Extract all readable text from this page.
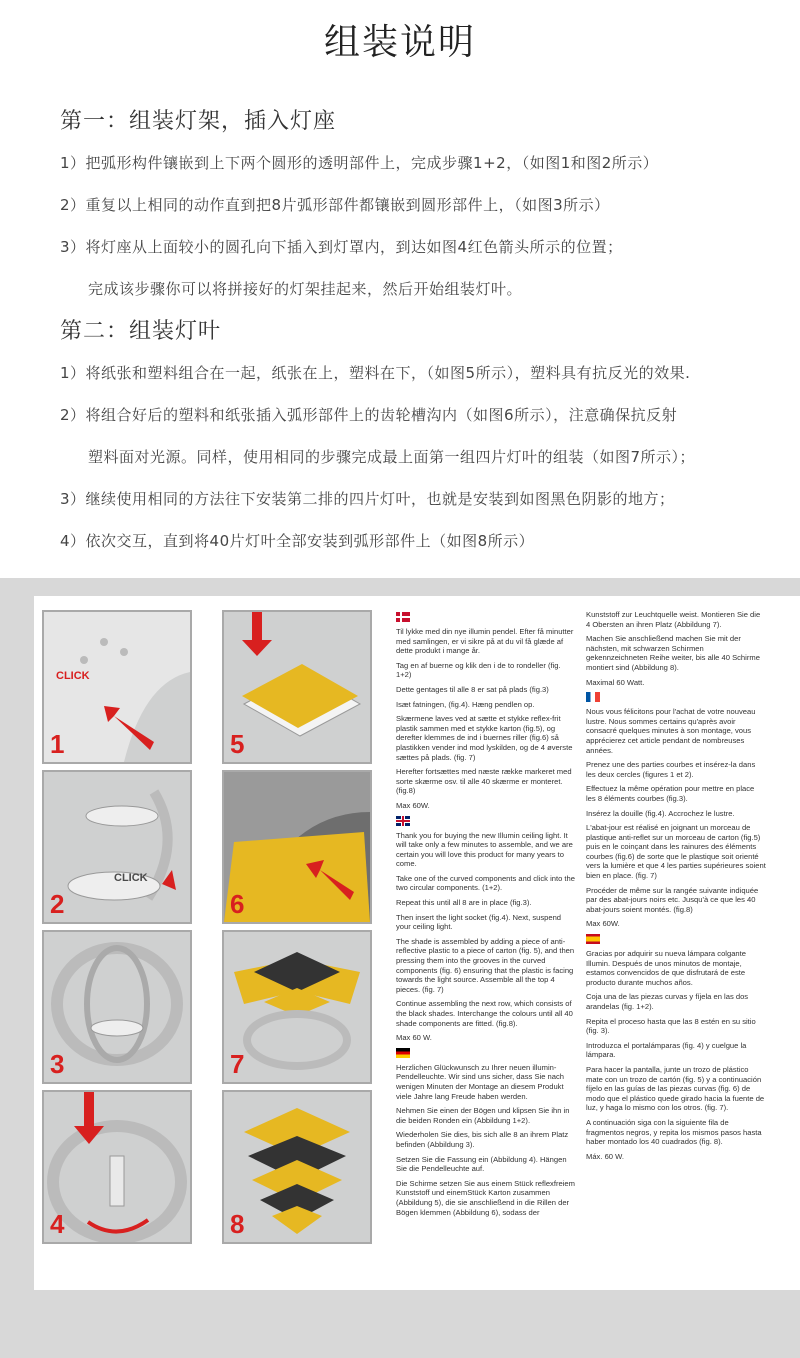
组装说明
第一：组装灯架，插入灯座
1）把弧形构件镶嵌到上下两个圆形的透明部件上，完成步骤1+2，（如图1和图2所示）
2）重复以上相同的动作直到把8片弧形部件都镶嵌到圆形部件上，（如图3所示）
3）将灯座从上面较小的圆孔向下插入到灯罩内，到达如图4红色箭头所示的位置；
完成该步骤你可以将拼接好的灯架挂起来，然后开始组装灯叶。
第二：组装灯叶
1）将纸张和塑料组合在一起，纸张在上，塑料在下，（如图5所示），塑料具有抗反光的效果.
2）将组合好后的塑料和纸张插入弧形部件上的齿轮槽沟内（如图6所示），注意确保抗反射
塑料面对光源。同样，使用相同的步骤完成最上面第一组四片灯叶的组装（如图7所示）；
3）继续使用相同的方法往下安装第二排的四片灯叶，也就是安装到如图黑色阴影的地方；
4）依次交互，直到将40片灯叶全部安装到弧形部件上（如图8所示）
CLICK
1	5
CLICK
2	6
3	7
4	8

Til lykke med din nye illumin pendel. Efter få minutter med samlingen, er vi sikre på at du vil få glæde af dette produkt i mange år.

Tag en af buerne og klik den i de to rondeller (fig. 1+2)

Dette gentages til alle 8 er sat på plads (fig.3)

Isæt fatningen, (fig.4). Hæng pendlen op.

Skærmene laves ved at sætte et stykke reflex-frit plastik sammen med et stykke karton (fig.5), og derefter klemmes de ind i buernes riller (fig.6) så plastikken vender ind mod lyskilden, og de 4 øverste sættes på plads. (fig. 7)

Herefter fortsættes med næste række markeret med sorte skærme osv. til alle 40 skærme er monteret. (fig.8)

Max 60W.

Thank you for buying the new Illumin ceiling light. It will take only a few minutes to assemble, and we are certain you will love this product for many years to come.

Take one of the curved components and click into the two circular components. (1+2).

Repeat this until all 8 are in place (fig.3).

Then insert the light socket (fig.4). Next, suspend your ceiling light.

The shade is assembled by adding a piece of anti-reflective plastic to a piece of carton (fig. 5), and then pressing them into the grooves in the curved components (fig. 6) ensuring that the plastic is facing towards the light source. Assemble all the top 4 pieces. (fig. 7)

Continue assembling the next row, which consists of the black shades. Interchange the colours until all 40 shade components are fitted. (fig.8).

Max 60 W.

Herzlichen Glückwunsch zu Ihrer neuen illumin-Pendelleuchte. Wir sind uns sicher, dass Sie nach wenigen Minuten der Montage an diesem Produkt viele Jahre lang Freude haben werden.

Nehmen Sie einen der Bögen und klipsen Sie ihn in die beiden Ronden ein (Abbildung 1+2).

Wiederholen Sie dies, bis sich alle 8 an ihrem Platz befinden (Abbildung 3).

Setzen Sie die Fassung ein (Abbildung 4). Hängen Sie die Pendelleuchte auf.

Die Schirme setzen Sie aus einem Stück reflexfreiem Kunststoff und einemStück Karton zusammen (Abbildung 5), die sie anschließend in die Rillen der Bögen klemmen (Abbildung 6), sodass der

Kunststoff zur Leuchtquelle weist. Montieren Sie die 4 Obersten an ihren Platz (Abbildung 7).

Machen Sie anschließend machen Sie mit der nächsten, mit schwarzen Schirmen gekennzeichneten Reihe weiter, bis alle 40 Schirme montiert sind (Abbildung 8).

Maximal 60 Watt.

Nous vous félicitons pour l'achat de votre nouveau lustre. Nous sommes certains qu'après avoir consacré quelques minutes à son montage, vous apprécierez cet article pendant de nombreuses années.

Prenez une des parties courbes et insérez-la dans les deux cercles (figures 1 et 2).

Effectuez la même opération pour mettre en place les 8 éléments courbes (fig.3).

Insérez la douille (fig.4). Accrochez le lustre.

L'abat-jour est réalisé en joignant un morceau de plastique anti-reflet sur un morceau de carton (fig.5) puis en le coinçant dans les rainures des éléments courbes (fig.6) de sorte que le plastique soit orienté vers la lumière et que 4 les parties supérieures soient bien en place. (fig. 7)

Procéder de même sur la rangée suivante indiquée par des abat-jours noirs etc. Jusqu'à ce que les 40 abat-jours soient montés. (fig.8)

Max 60W.

Gracias por adquirir su nueva lámpara colgante Illumin. Después de unos minutos de montaje, estamos convencidos de que disfrutará de este producto durante muchos años.

Coja una de las piezas curvas y fíjela en las dos arandelas (fig. 1+2).

Repita el proceso hasta que las 8 estén en su sitio (fig. 3).

Introduzca el portalámparas (fig. 4) y cuelgue la lámpara.

Para hacer la pantalla, junte un trozo de plástico mate con un trozo de cartón (fig. 5) y a continuación fíjelo en las guías de las piezas curvas (fig. 6) de modo que el plástico quede girado hacia la fuente de luz, y haga lo mismo con los otros. (fig. 7).

A continuación siga con la siguiente fila de fragmentos negros, y repita los mismos pasos hasta haber montado los 40 cuadrados (fig. 8).

Máx. 60 W.
